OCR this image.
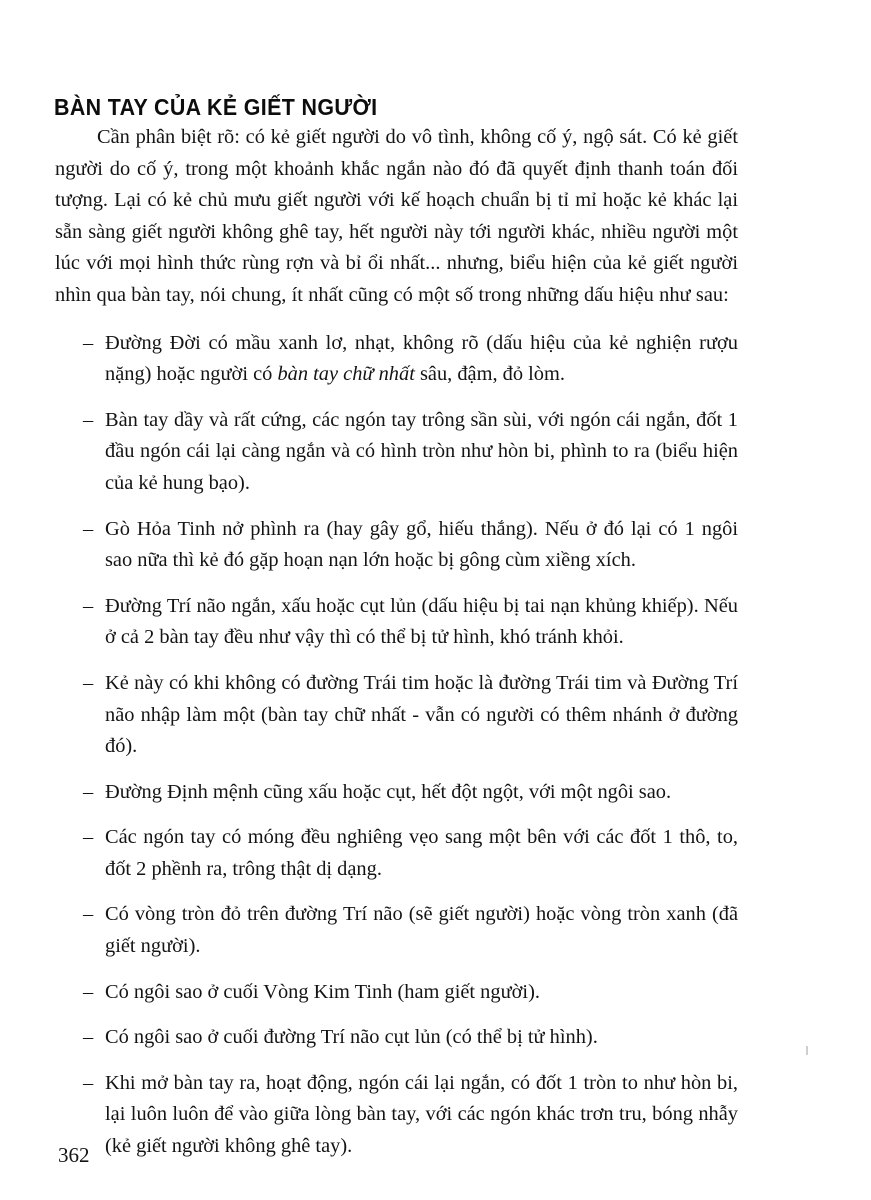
BÀN TAY CỦA KẺ GIẾT NGƯỜI

Cần phân biệt rõ: có kẻ giết người do vô tình, không cố ý, ngộ sát. Có kẻ giết người do cố ý, trong một khoảnh khắc ngắn nào đó đã quyết định thanh toán đối tượng. Lại có kẻ chủ mưu giết người với kế hoạch chuẩn bị tỉ mỉ hoặc kẻ khác lại sẵn sàng giết người không ghê tay, hết người này tới người khác, nhiều người một lúc với mọi hình thức rùng rợn và bỉ ổi nhất... nhưng, biểu hiện của kẻ giết người nhìn qua bàn tay, nói chung, ít nhất cũng có một số trong những dấu hiệu như sau:

– Đường Đời có mầu xanh lơ, nhạt, không rõ (dấu hiệu của kẻ nghiện rượu nặng) hoặc người có bàn tay chữ nhất sâu, đậm, đỏ lòm.
– Bàn tay dầy và rất cứng, các ngón tay trông sần sùi, với ngón cái ngắn, đốt 1 đầu ngón cái lại càng ngắn và có hình tròn như hòn bi, phình to ra (biểu hiện của kẻ hung bạo).
– Gò Hỏa Tinh nở phình ra (hay gây gổ, hiếu thắng). Nếu ở đó lại có 1 ngôi sao nữa thì kẻ đó gặp hoạn nạn lớn hoặc bị gông cùm xiềng xích.
– Đường Trí não ngắn, xấu hoặc cụt lủn (dấu hiệu bị tai nạn khủng khiếp). Nếu ở cả 2 bàn tay đều như vậy thì có thể bị tử hình, khó tránh khỏi.
– Kẻ này có khi không có đường Trái tim hoặc là đường Trái tim và Đường Trí não nhập làm một (bàn tay chữ nhất - vẫn có người có thêm nhánh ở đường đó).
– Đường Định mệnh cũng xấu hoặc cụt, hết đột ngột, với một ngôi sao.
– Các ngón tay có móng đều nghiêng vẹo sang một bên với các đốt 1 thô, to, đốt 2 phềnh ra, trông thật dị dạng.
– Có vòng tròn đỏ trên đường Trí não (sẽ giết người) hoặc vòng tròn xanh (đã giết người).
– Có ngôi sao ở cuối Vòng Kim Tinh (ham giết người).
– Có ngôi sao ở cuối đường Trí não cụt lủn (có thể bị tử hình).
– Khi mở bàn tay ra, hoạt động, ngón cái lại ngắn, có đốt 1 tròn to như hòn bi, lại luôn luôn để vào giữa lòng bàn tay, với các ngón khác trơn tru, bóng nhẫy (kẻ giết người không ghê tay).
362
